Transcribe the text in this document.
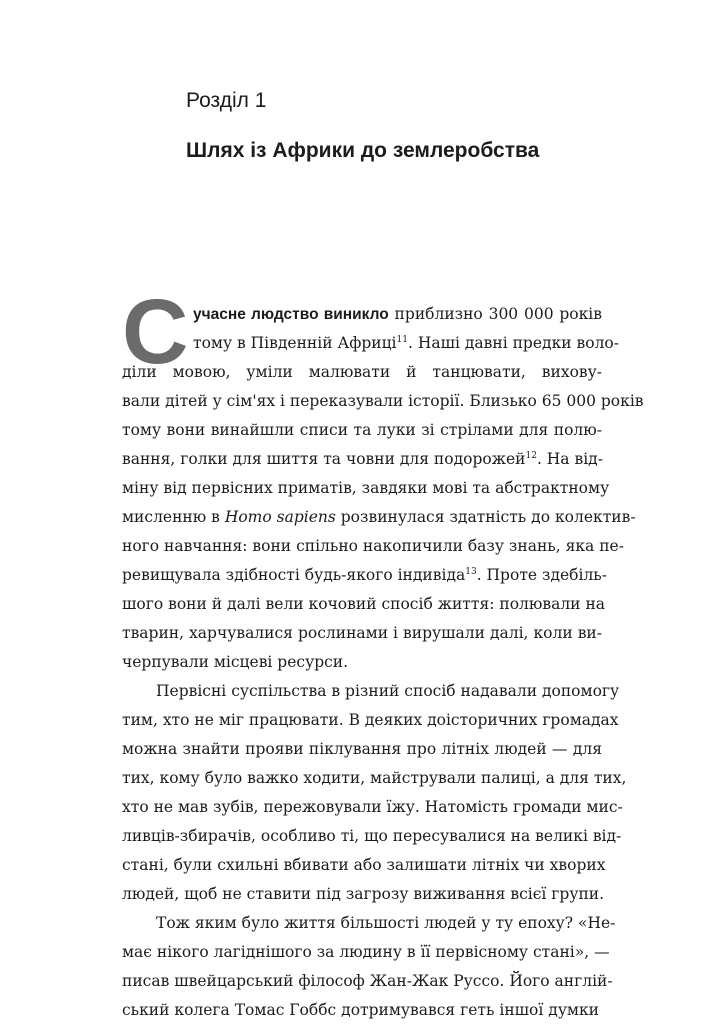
Розділ 1
Шлях із Африки до землеробства
С учасне людство виникло приблизно 300 000 років
тому в Південній Африці$^{11}$. Наші давні предки воло-
діли мовою, уміли малювати й танцювати, вихову-
вали дітей у сім'ях і переказували історії. Близько 65 000 років
тому вони винайшли списи та луки зі стрілами для полю-
вання, голки для шиття та човни для подорожей$^{12}$. На від-
міну від первісних приматів, завдяки мові та абстрактному
мисленню в Homo sapiens розвинулася здатність до колектив-
ного навчання: вони спільно накопичили базу знань, яка пе-
ревищувала здібності будь-якого індивіда$^{13}$. Проте здебіль-
шого вони й далі вели кочовий спосіб життя: полювали на
тварин, харчувалися рослинами і вирушали далі, коли ви-
черпували місцеві ресурси.
Первісні суспільства в різний спосіб надавали допомогу
тим, хто не міг працювати. В деяких доісторичних громадах
можна знайти прояви піклування про літніх людей — для
тих, кому було важко ходити, майстрували палиці, а для тих,
хто не мав зубів, пережовували їжу. Натомість громади мис-
ливців-збирачів, особливо ті, що пересувалися на великі від-
стані, були схильні вбивати або залишати літніх чи хворих
людей, щоб не ставити під загрозу виживання всієї групи.
Тож яким було життя більшості людей у ту епоху? «Не-
має нікого лагіднішого за людину в її первісному стані», —
писав швейцарський філософ Жан-Жак Руссо. Його англій-
ський колега Томас Гоббс дотримувався геть іншої думки
